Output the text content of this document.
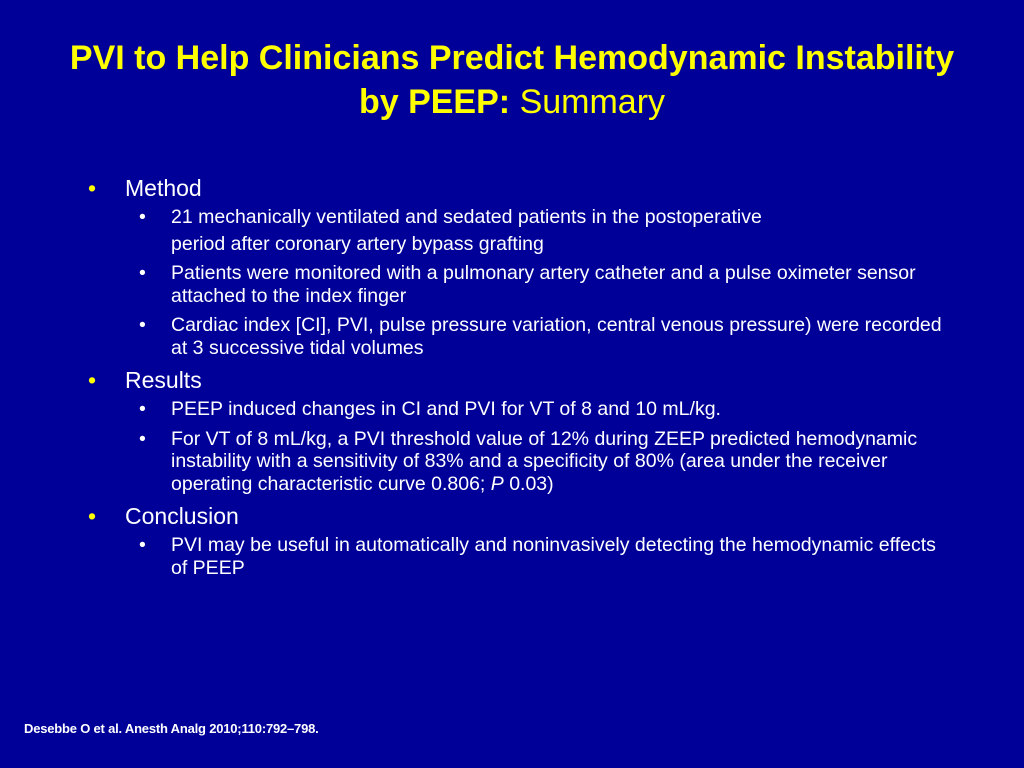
PVI to Help Clinicians Predict Hemodynamic Instability by PEEP: Summary
• Method
• 21 mechanically ventilated and sedated patients in the postoperative
period after coronary artery bypass grafting
• Patients were monitored with a pulmonary artery catheter and a pulse oximeter sensor attached to the index finger
• Cardiac index [CI], PVI, pulse pressure variation, central venous pressure) were recorded at 3 successive tidal volumes
• Results
• PEEP induced changes in CI and PVI for VT of 8 and 10 mL/kg.
• For VT of 8 mL/kg, a PVI threshold value of 12% during ZEEP predicted hemodynamic instability with a sensitivity of 83% and a specificity of 80% (area under the receiver operating characteristic curve 0.806; P 0.03)
• Conclusion
• PVI may be useful in automatically and noninvasively detecting the hemodynamic effects of PEEP
Desebbe O et al. Anesth Analg 2010;110:792–798.
